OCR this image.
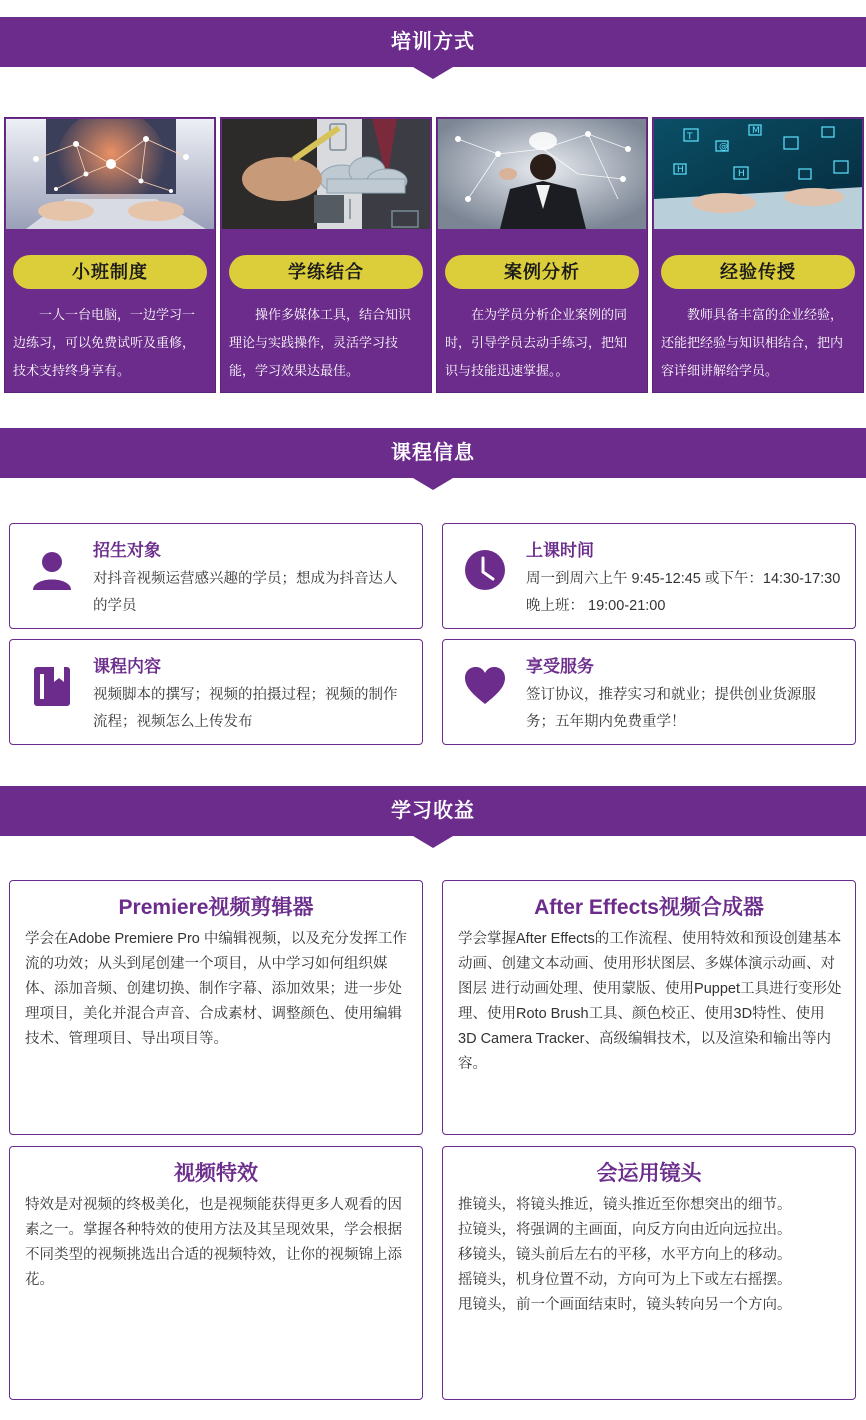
培训方式
小班制度
一人一台电脑，一边学习一边练习，可以免费试听及重修，技术支持终身享有。
学练结合
操作多媒体工具，结合知识理论与实践操作，灵活学习技能，学习效果达最佳。
案例分析
在为学员分析企业案例的同时，引导学员去动手练习，把知识与技能迅速掌握。。
T
@
M
H	H
经验传授
教师具备丰富的企业经验，还能把经验与知识相结合，把内容详细讲解给学员。
课程信息
招生对象
对抖音视频运营感兴趣的学员；想成为抖音达人的学员
上课时间
周一到周六上午 9:45-12:45 或下午：14:30-17:30 晚上班： 19:00-21:00
课程内容
视频脚本的撰写；视频的拍摄过程；视频的制作流程；视频怎么上传发布
享受服务
签订协议，推荐实习和就业；提供创业货源服务；五年期内免费重学！
学习收益
Premiere视频剪辑器
学会在Adobe Premiere Pro 中编辑视频，以及充分发挥工作流的功效；从头到尾创建一个项目，从中学习如何组织媒体、添加音频、创建切换、制作字幕、添加效果；进一步处理项目，美化并混合声音、合成素材、调整颜色、使用编辑技术、管理项目、导出项目等。
After Effects视频合成器
学会掌握After Effects的工作流程、使用特效和预设创建基本动画、创建文本动画、使用形状图层、多媒体演示动画、对图层 进行动画处理、使用蒙版、使用Puppet工具进行变形处理、使用Roto Brush工具、颜色校正、使用3D特性、使用3D Camera Tracker、高级编辑技术，以及渲染和输出等内容。
视频特效
特效是对视频的终极美化，也是视频能获得更多人观看的因素之一。掌握各种特效的使用方法及其呈现效果，学会根据不同类型的视频挑选出合适的视频特效，让你的视频锦上添花。
会运用镜头
推镜头，将镜头推近，镜头推近至你想突出的细节。
拉镜头，将强调的主画面，向反方向由近向远拉出。
移镜头，镜头前后左右的平移，水平方向上的移动。
摇镜头，机身位置不动，方向可为上下或左右摇摆。
甩镜头，前一个画面结束时，镜头转向另一个方向。
